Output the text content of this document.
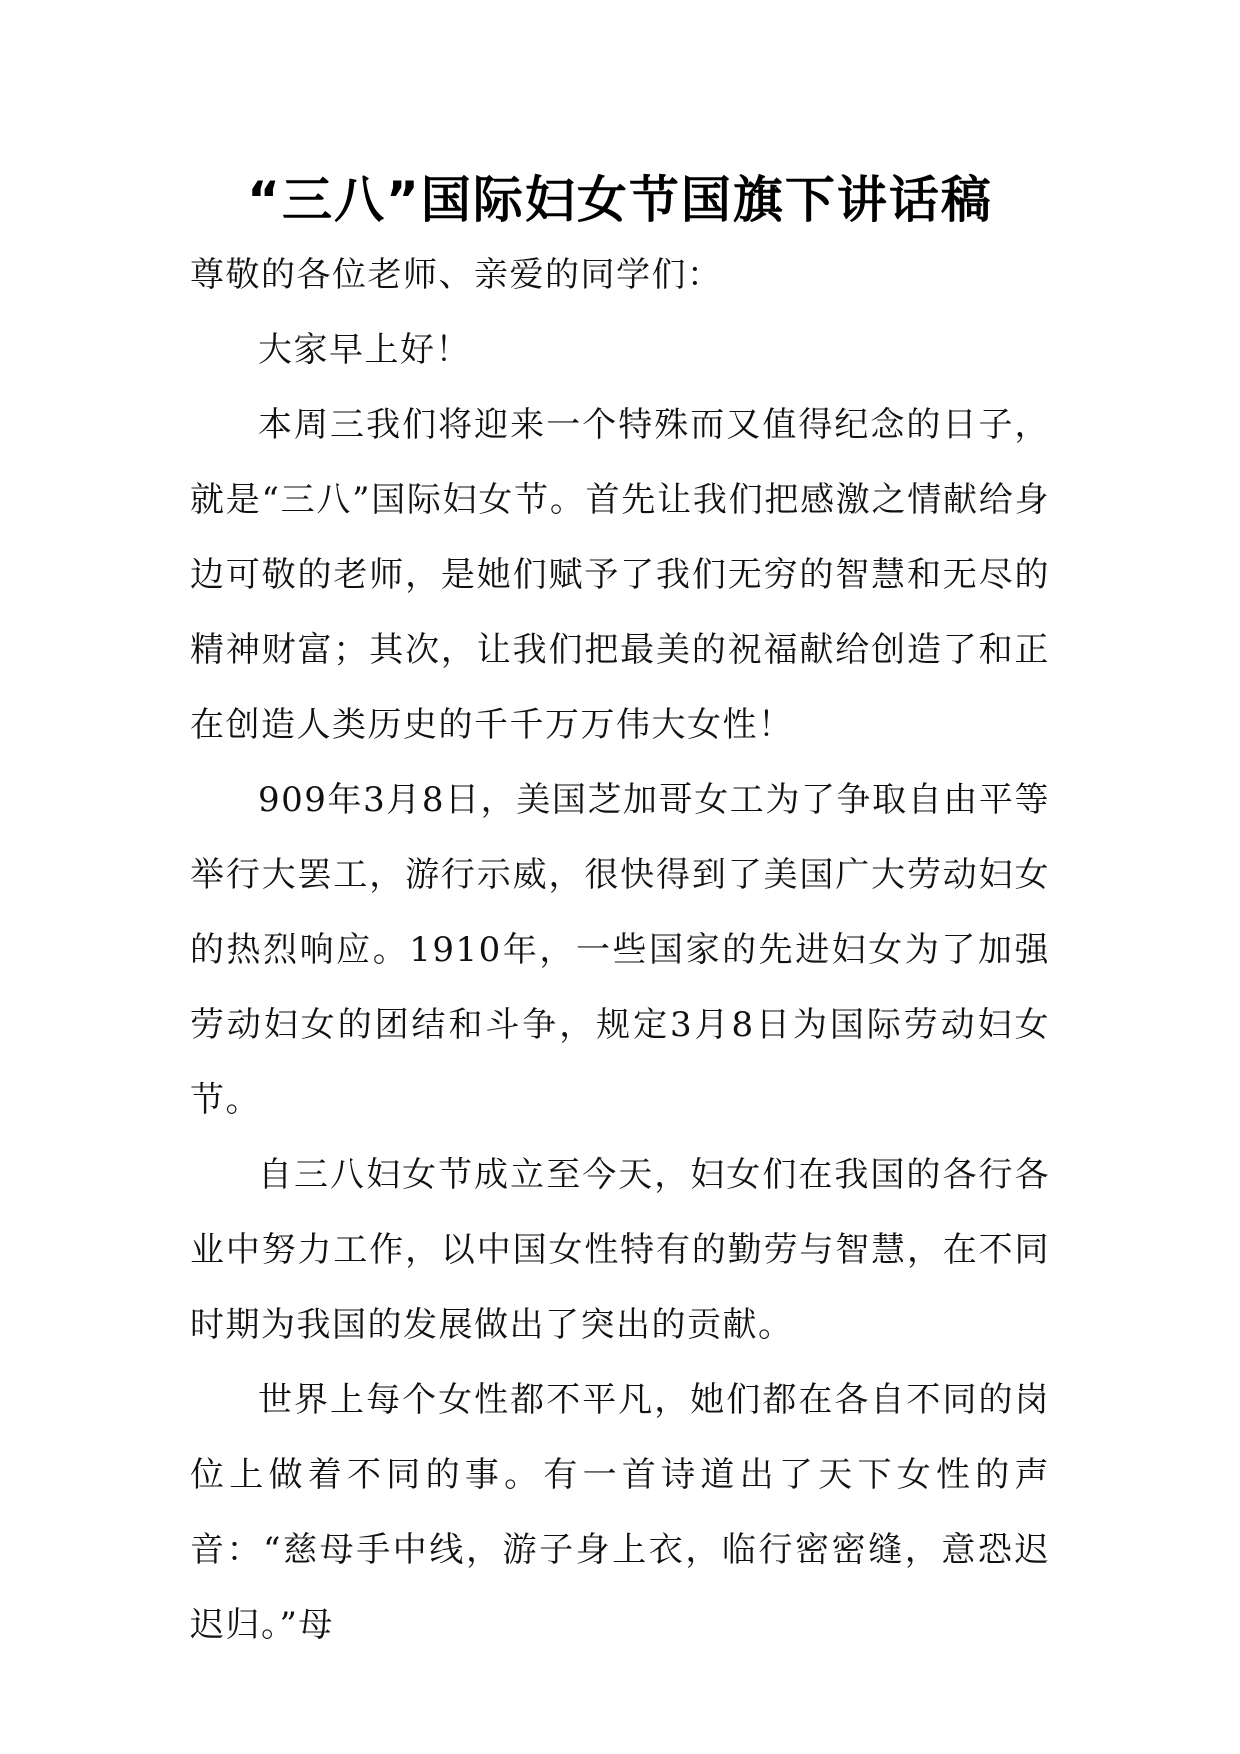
“三八”国际妇女节国旗下讲话稿

尊敬的各位老师、亲爱的同学们：

大家早上好！

本周三我们将迎来一个特殊而又值得纪念的日子，就是“三八”国际妇女节。首先让我们把感激之情献给身边可敬的老师，是她们赋予了我们无穷的智慧和无尽的精神财富；其次，让我们把最美的祝福献给创造了和正在创造人类历史的千千万万伟大女性！

909年3月8日，美国芝加哥女工为了争取自由平等举行大罢工，游行示威，很快得到了美国广大劳动妇女的热烈响应。1910年，一些国家的先进妇女为了加强劳动妇女的团结和斗争，规定3月8日为国际劳动妇女节。

自三八妇女节成立至今天，妇女们在我国的各行各业中努力工作，以中国女性特有的勤劳与智慧，在不同时期为我国的发展做出了突出的贡献。

世界上每个女性都不平凡，她们都在各自不同的岗位上做着不同的事。有一首诗道出了天下女性的声音：“慈母手中线，游子身上衣，临行密密缝，意恐迟迟归。”母
